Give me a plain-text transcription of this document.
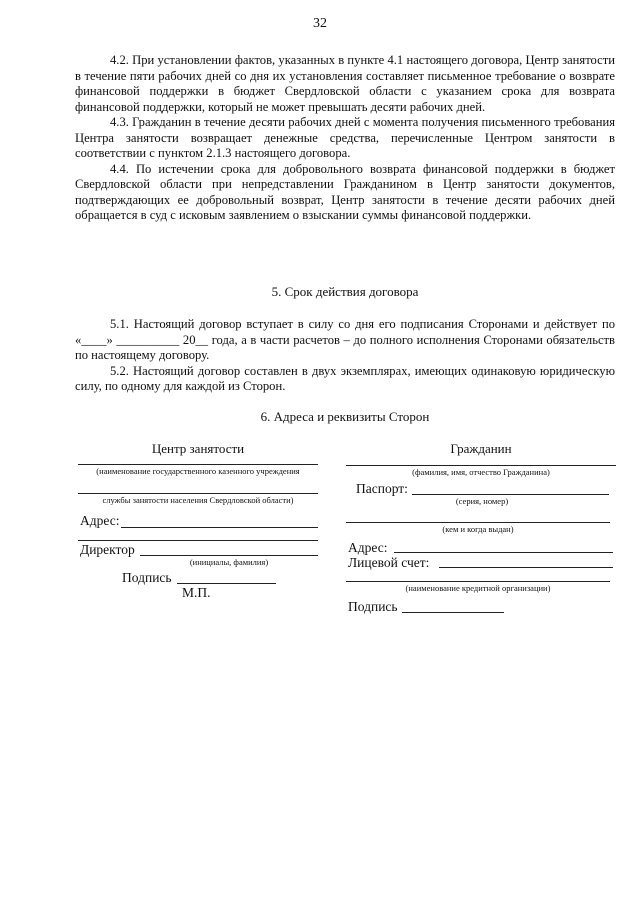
32

4.2. При установлении фактов, указанных в пункте 4.1 настоящего договора, Центр занятости в течение пяти рабочих дней со дня их установления составляет письменное требование о возврате финансовой поддержки в бюджет Свердловской области с указанием срока для возврата финансовой поддержки, который не может превышать десяти рабочих дней.

4.3. Гражданин в течение десяти рабочих дней с момента получения письменного требования Центра занятости возвращает денежные средства, перечисленные Центром занятости в соответствии с пунктом 2.1.3 настоящего договора.

4.4. По истечении срока для добровольного возврата финансовой поддержки в бюджет Свердловской области при непредставлении Гражданином в Центр занятости документов, подтверждающих ее добровольный возврат, Центр занятости в течение десяти рабочих дней обращается в суд с исковым заявлением о взыскании суммы финансовой поддержки.

5. Срок действия договора

5.1. Настоящий договор вступает в силу со дня его подписания Сторонами и действует по «____» __________ 20__ года, а в части расчетов – до полного исполнения Сторонами обязательств по настоящему договору.

5.2. Настоящий договор составлен в двух экземплярах, имеющих одинаковую юридическую силу, по одному для каждой из Сторон.

6. Адреса и реквизиты Сторон
Центр занятости
(наименование государственного казенного учреждения
службы занятости населения Свердловской области)
Адрес:
Директор
(инициалы, фамилия)
Подпись
М.П.
Гражданин
(фамилия, имя, отчество Гражданина)
Паспорт:
(серия, номер)
(кем и когда выдан)
Адрес:
Лицевой счет:
(наименование кредитной организации)
Подпись
